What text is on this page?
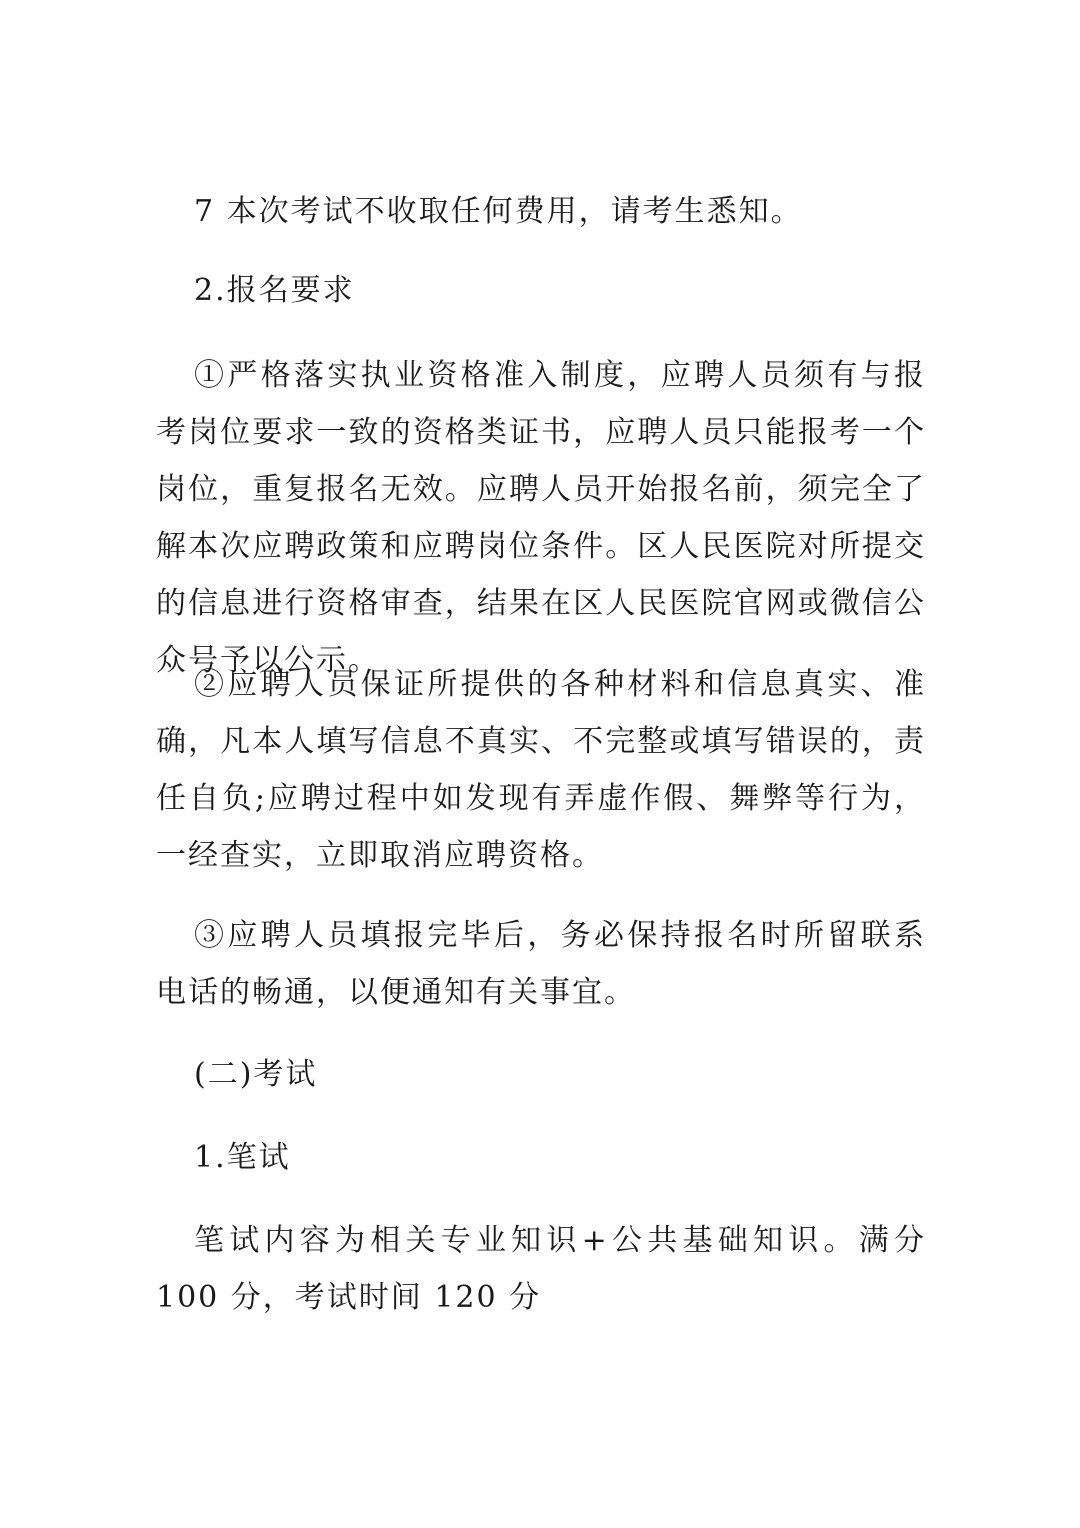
7 本次考试不收取任何费用，请考生悉知。

2.报名要求

①严格落实执业资格准入制度，应聘人员须有与报考岗位要求一致的资格类证书，应聘人员只能报考一个岗位，重复报名无效。应聘人员开始报名前，须完全了解本次应聘政策和应聘岗位条件。区人民医院对所提交的信息进行资格审查，结果在区人民医院官网或微信公众号予以公示。

②应聘人员保证所提供的各种材料和信息真实、准确，凡本人填写信息不真实、不完整或填写错误的，责任自负;应聘过程中如发现有弄虚作假、舞弊等行为，一经查实，立即取消应聘资格。

③应聘人员填报完毕后，务必保持报名时所留联系电话的畅通，以便通知有关事宜。

(二)考试

1.笔试

笔试内容为相关专业知识+公共基础知识。满分 100 分，考试时间 120 分
